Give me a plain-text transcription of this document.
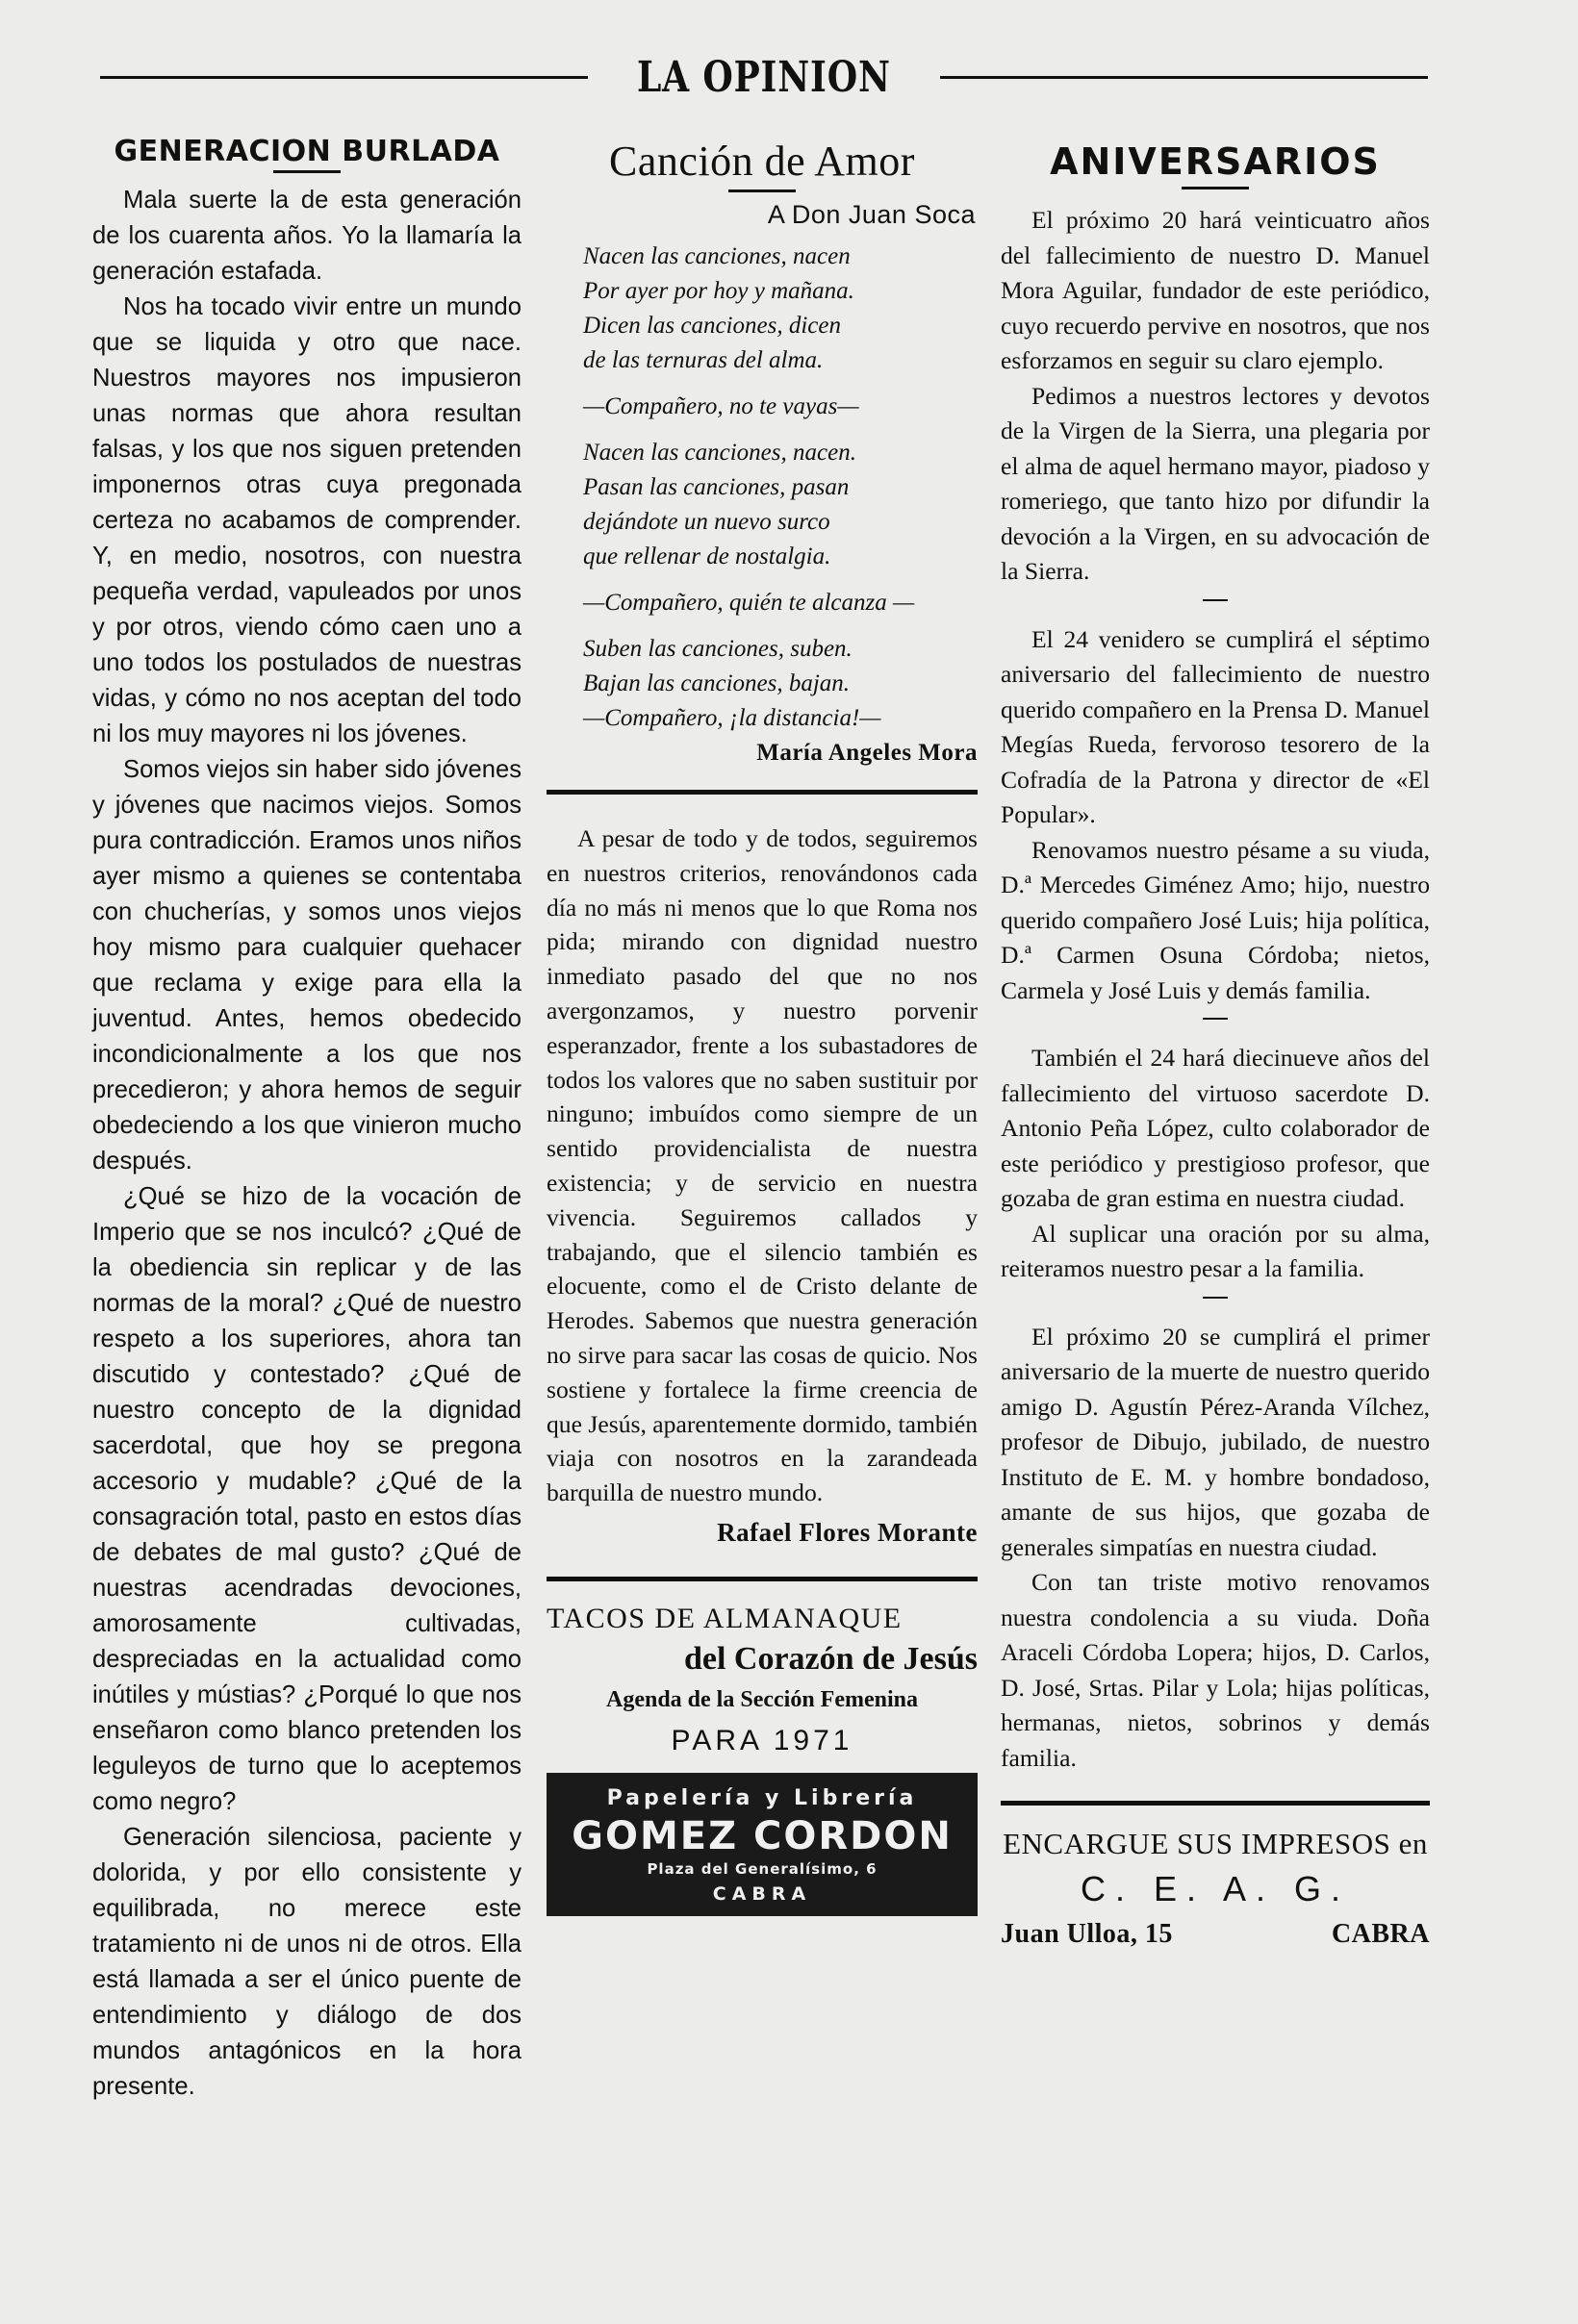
LA OPINION
GENERACION BURLADA

Mala suerte la de esta generación de los cuarenta años. Yo la llamaría la generación estafada.

Nos ha tocado vivir entre un mundo que se liquida y otro que nace. Nuestros mayores nos impusieron unas normas que ahora resultan falsas, y los que nos siguen pretenden imponernos otras cuya pregonada certeza no acabamos de comprender. Y, en medio, nosotros, con nuestra pequeña verdad, vapuleados por unos y por otros, viendo cómo caen uno a uno todos los postulados de nuestras vidas, y cómo no nos aceptan del todo ni los muy mayores ni los jóvenes.

Somos viejos sin haber sido jóvenes y jóvenes que nacimos viejos. Somos pura contradicción. Eramos unos niños ayer mismo a quienes se contentaba con chucherías, y somos unos viejos hoy mismo para cualquier quehacer que reclama y exige para ella la juventud. Antes, hemos obedecido incondicionalmente a los que nos precedieron; y ahora hemos de seguir obedeciendo a los que vinieron mucho después.

¿Qué se hizo de la vocación de Imperio que se nos inculcó? ¿Qué de la obediencia sin replicar y de las normas de la moral? ¿Qué de nuestro respeto a los superiores, ahora tan discutido y contestado? ¿Qué de nuestro concepto de la dignidad sacerdotal, que hoy se pregona accesorio y mudable? ¿Qué de la consagración total, pasto en estos días de debates de mal gusto? ¿Qué de nuestras acendradas devociones, amorosamente cultivadas, despreciadas en la actualidad como inútiles y mústias? ¿Porqué lo que nos enseñaron como blanco pretenden los leguleyos de turno que lo aceptemos como negro?

Generación silenciosa, paciente y dolorida, y por ello consistente y equilibrada, no merece este tratamiento ni de unos ni de otros. Ella está llamada a ser el único puente de entendimiento y diálogo de dos mundos antagónicos en la hora presente.

Canción de Amor
A Don Juan Soca
Nacen las canciones, nacen
Por ayer por hoy y mañana.
Dicen las canciones, dicen
de las ternuras del alma.
—Compañero, no te vayas—
Nacen las canciones, nacen.
Pasan las canciones, pasan
dejándote un nuevo surco
que rellenar de nostalgia.
—Compañero, quién te alcanza —
Suben las canciones, suben.
Bajan las canciones, bajan.
—Compañero, ¡la distancia!—
María Angeles Mora

A pesar de todo y de todos, seguiremos en nuestros criterios, renovándonos cada día no más ni menos que lo que Roma nos pida; mirando con dignidad nuestro inmediato pasado del que no nos avergonzamos, y nuestro porvenir esperanzador, frente a los subastadores de todos los valores que no saben sustituir por ninguno; imbuídos como siempre de un sentido providencialista de nuestra existencia; y de servicio en nuestra vivencia. Seguiremos callados y trabajando, que el silencio también es elocuente, como el de Cristo delante de Herodes. Sabemos que nuestra generación no sirve para sacar las cosas de quicio. Nos sostiene y fortalece la firme creencia de que Jesús, aparentemente dormido, también viaja con nosotros en la zarandeada barquilla de nuestro mundo.

Rafael Flores Morante
TACOS DE ALMANAQUE
del Corazón de Jesús
Agenda de la Sección Femenina
PARA 1971
Papelería y Librería
GOMEZ CORDON
Plaza del Generalísimo, 6
CABRA
ANIVERSARIOS

El próximo 20 hará veinticuatro años del fallecimiento de nuestro D. Manuel Mora Aguilar, fundador de este periódico, cuyo recuerdo pervive en nosotros, que nos esforzamos en seguir su claro ejemplo.

Pedimos a nuestros lectores y devotos de la Virgen de la Sierra, una plegaria por el alma de aquel hermano mayor, piadoso y romeriego, que tanto hizo por difundir la devoción a la Virgen, en su advocación de la Sierra.

El 24 venidero se cumplirá el séptimo aniversario del fallecimiento de nuestro querido compañero en la Prensa D. Manuel Megías Rueda, fervoroso tesorero de la Cofradía de la Patrona y director de «El Popular».

Renovamos nuestro pésame a su viuda, D.ª Mercedes Giménez Amo; hijo, nuestro querido compañero José Luis; hija política, D.ª Carmen Osuna Córdoba; nietos, Carmela y José Luis y demás familia.

También el 24 hará diecinueve años del fallecimiento del virtuoso sacerdote D. Antonio Peña López, culto colaborador de este periódico y prestigioso profesor, que gozaba de gran estima en nuestra ciudad.

Al suplicar una oración por su alma, reiteramos nuestro pesar a la familia.

El próximo 20 se cumplirá el primer aniversario de la muerte de nuestro querido amigo D. Agustín Pérez-Aranda Vílchez, profesor de Dibujo, jubilado, de nuestro Instituto de E. M. y hombre bondadoso, amante de sus hijos, que gozaba de generales simpatías en nuestra ciudad.

Con tan triste motivo renovamos nuestra condolencia a su viuda. Doña Araceli Córdoba Lopera; hijos, D. Carlos, D. José, Srtas. Pilar y Lola; hijas políticas, hermanas, nietos, sobrinos y demás familia.

ENCARGUE SUS IMPRESOS en
C. E. A. G.
Juan Ulloa, 15	CABRA
